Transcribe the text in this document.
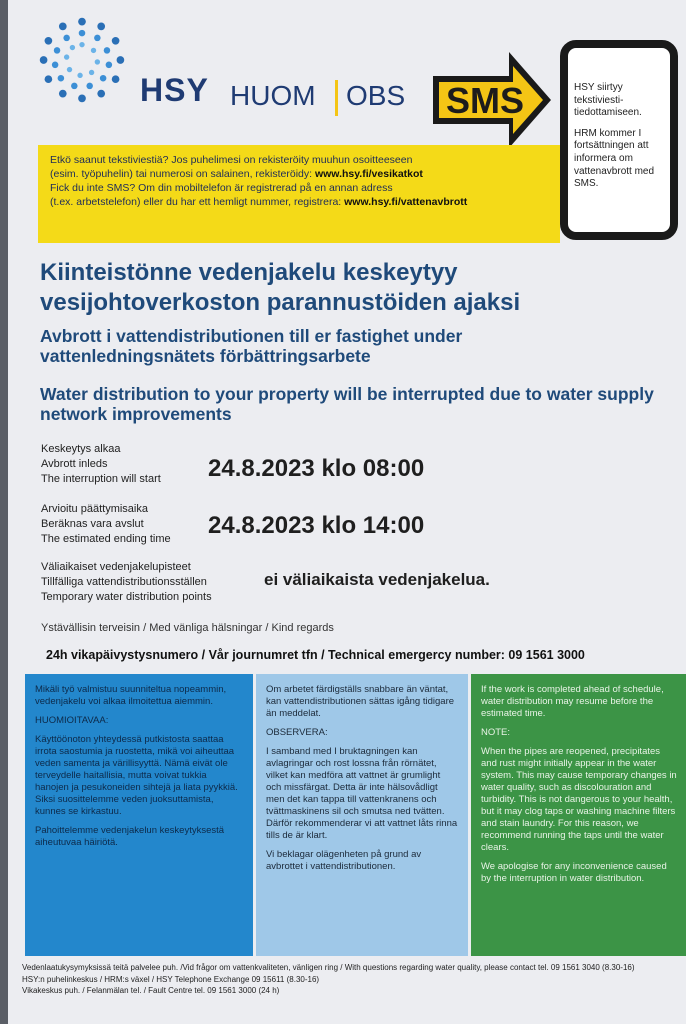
HSY HUOM OBS SMS	HSY siirtyy tekstiviesti-tiedottamiseen.

HRM kommer I fortsättningen att informera om vattenavbrott med SMS.

Etkö saanut tekstiviestiä? Jos puhelimesi on rekisteröity muuhun osoitteeseen
(esim. työpuhelin) tai numerosi on salainen, rekisteröidy: www.hsy.fi/vesikatkot
Fick du inte SMS? Om din mobiltelefon är registrerad på en annan adress
(t.ex. arbetstelefon) eller du har ett hemligt nummer, registrera: www.hsy.fi/vattenavbrott
Kiinteistönne vedenjakelu keskeytyy vesijohtoverkoston parannustöiden ajaksi
Avbrott i vattendistributionen till er fastighet under vattenledningsnätets förbättringsarbete
Water distribution to your property will be interrupted due to water supply network improvements
Keskeytys alkaa
Avbrott inleds
The interruption will start 24.8.2023 klo 08:00
Arvioitu päättymisaika
Beräknas vara avslut
The estimated ending time 24.8.2023 klo 14:00
Väliaikaiset vedenjakelupisteet
Tillfälliga vattendistributionsställen
Temporary water distribution points
ei väliaikaista vedenjakelua.
Ystävällisin terveisin / Med vänliga hälsningar / Kind regards
24h vikapäivystysnumero / Vår journumret tfn / Technical emergercy number: 09 1561 3000

Mikäli työ valmistuu suunniteltua nopeammin, vedenjakelu voi alkaa ilmoitettua aiemmin.

HUOMIOITAVAA:

Käyttöönoton yhteydessä putkistosta saattaa irrota saostumia ja ruostetta, mikä voi aiheuttaa veden samenta ja värillisyyttä. Nämä eivät ole terveydelle haitallisia, mutta voivat tukkia hanojen ja pesukoneiden sihtejä ja liata pyykkiä. Siksi suosittelemme veden juoksuttamista, kunnes se kirkastuu.

Pahoittelemme vedenjakelun keskeytyksestä aiheutuvaa häiriötä.

Om arbetet färdigställs snabbare än väntat, kan vattendistributionen sättas igång tidigare än meddelat.

OBSERVERA:

I samband med I bruktagningen kan avlagringar och rost lossna från rörnätet, vilket kan medföra att vattnet är grumlight och missfärgat. Detta är inte hälsovådligt men det kan tappa till vattenkranens och tvättmaskinens sil och smutsa ned tvätten. Därför rekommenderar vi att vattnet låts rinna tills de är klart.

Vi beklagar olägenheten på grund av avbrottet i vattendistributionen.

If the work is completed ahead of schedule, water distribution may resume before the estimated time.

NOTE:

When the pipes are reopened, precipitates and rust might initially appear in the water system. This may cause temporary changes in water quality, such as discolouration and turbidity. This is not dangerous to your health, but it may clog taps or washing machine filters and stain laundry. For this reason, we recommend running the taps until the water clears.

We apologise for any inconvenience caused by the interruption in water distribution.

Vedenlaatukysymyksissä teitä palvelee puh. /Vid frågor om vattenkvaliteten, vänligen ring / With questions regarding water quality, please contact tel. 09 1561 3040 (8.30-16)
HSY:n puhelinkeskus / HRM:s växel / HSY Telephone Exchange 09 15611 (8.30-16)
Vikakeskus puh. / Felanmälan tel. / Fault Centre tel. 09 1561 3000 (24 h)
